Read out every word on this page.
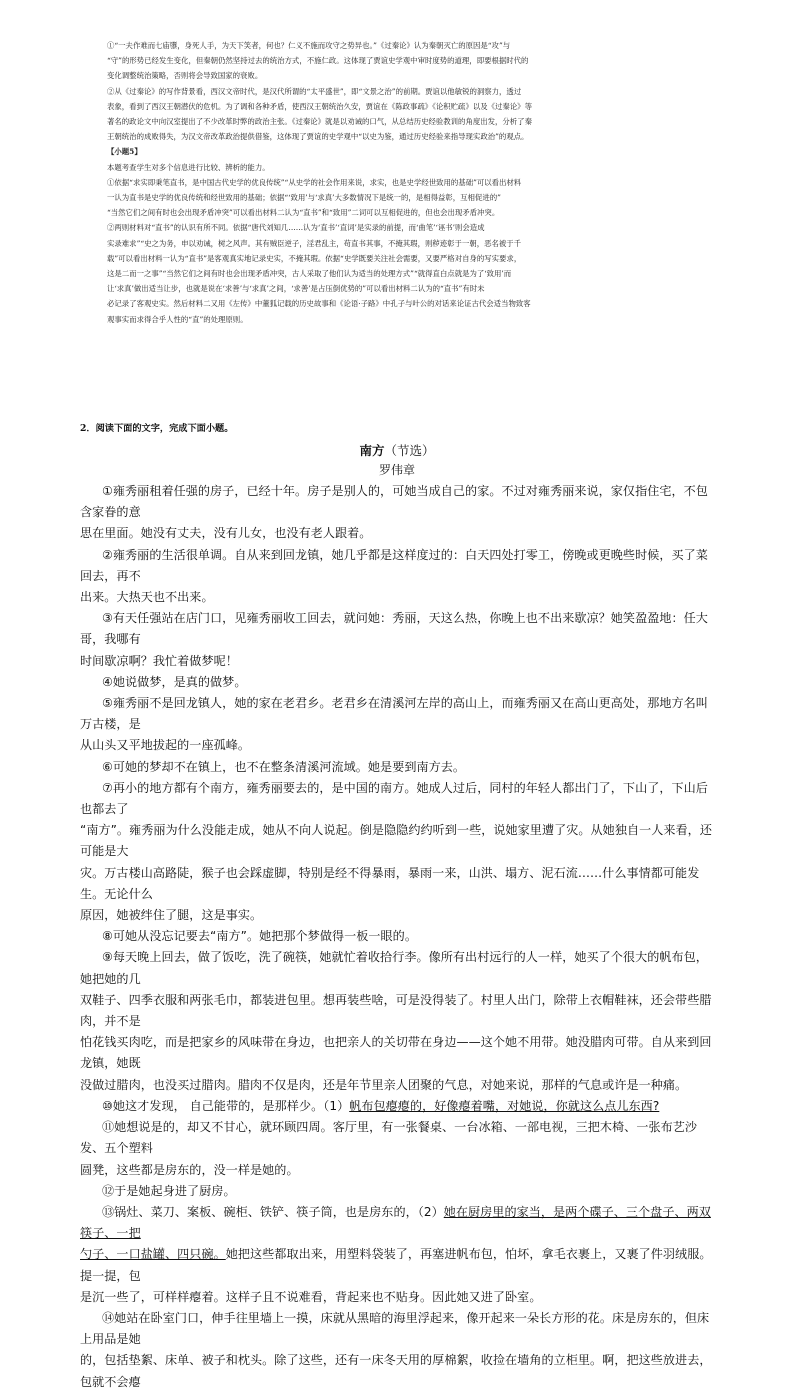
①“一夫作难而七庙隳，身死人手，为天下笑者，何也？仁义不施而攻守之势异也。”《过秦论》认为秦朝灭亡的原因是“攻”与

“守”的形势已经发生变化，但秦朝仍然坚持过去的统治方式，不施仁政。这体现了贾谊史学观中审时度势的道理，即要根据时代的

变化调整统治策略，否则将会导致国家的衰败。

②从《过秦论》的写作背景看，西汉文帝时代，是汉代所谓的“太平盛世”，即“文景之治”的前期。贾谊以他敏锐的洞察力，透过

表象，看到了西汉王朝潜伏的危机。为了调和各种矛盾，使西汉王朝统治久安，贾谊在《陈政事疏》《论积贮疏》以及《过秦论》等

著名的政论文中向汉室提出了不少改革时弊的政治主张。《过秦论》就是以劝诫的口气，从总结历史经验教训的角度出发，分析了秦

王朝统治的成败得失，为汉文帝改革政治提供借鉴，这体现了贾谊的史学观中“以史为鉴，通过历史经验来指导现实政治”的观点。

【小题5】

本题考查学生对多个信息进行比较、辨析的能力。

①依据“求实即秉笔直书，是中国古代史学的优良传统”“从史学的社会作用来说，求实，也是史学经世致用的基础”可以看出材料

一认为直书是史学的优良传统和经世致用的基础；依据“‘致用’与‘求真’大多数情况下是统一的，是相得益彰，互相促进的”

“当然它们之间有时也会出现矛盾冲突”可以看出材料二认为“直书”和“致用”二词可以互相促进的，但也会出现矛盾冲突。

②两则材料对“直书”的认识有所不同。依据“唐代刘知几……认为‘直书’‘直词’是实录的前提，而‘曲笔’‘诬书’则会造成

实录难求”“史之为务，申以劝诫，树之风声。其有贼臣逆子，淫君乱主，苟直书其事，不掩其瑕，则秽迹彰于一朝，恶名被于千

载”可以看出材料一认为“直书”是客观真实地记录史实，不掩其瑕。依据“史学既要关注社会需要，又要严格对自身的写实要求，

这是二而一之事”“当然它们之间有时也会出现矛盾冲突，古人采取了他们认为适当的处理方式”“就得直白点就是为了‘致用’而

让‘求真’做出适当让步，也就是说在‘求善’与‘求真’之间，‘求善’是占压倒优势的”可以看出材料二认为的“直书”有时未

必记录了客观史实。然后材料二又用《左传》中董狐记载的历史故事和《论语·子路》中孔子与叶公的对话来论证古代会适当物致客

观事实而求得合乎人性的“直”的处理原则。

2．阅读下面的文字，完成下面小题。
南方（节选）
罗伟章

①雍秀丽租着任强的房子，已经十年。房子是别人的，可她当成自己的家。不过对雍秀丽来说，家仅指住宅，不包含家眷的意

思在里面。她没有丈夫，没有儿女，也没有老人跟着。

②雍秀丽的生活很单调。自从来到回龙镇，她几乎都是这样度过的：白天四处打零工，傍晚或更晚些时候，买了菜回去，再不

出来。大热天也不出来。

③有天任强站在店门口，见雍秀丽收工回去，就问她：秀丽，天这么热，你晚上也不出来歇凉？她笑盈盈地：任大哥，我哪有

时间歇凉啊？我忙着做梦呢！

④她说做梦，是真的做梦。

⑤雍秀丽不是回龙镇人，她的家在老君乡。老君乡在清溪河左岸的高山上，而雍秀丽又在高山更高处，那地方名叫万古楼，是

从山头又平地拔起的一座孤峰。

⑥可她的梦却不在镇上，也不在整条清溪河流域。她是要到南方去。

⑦再小的地方都有个南方，雍秀丽要去的，是中国的南方。她成人过后，同村的年轻人都出门了，下山了，下山后也都去了

“南方”。雍秀丽为什么没能走成，她从不向人说起。倒是隐隐约约听到一些，说她家里遭了灾。从她独自一人来看，还可能是大

灾。万古楼山高路陡，猴子也会踩虚脚，特别是经不得暴雨，暴雨一来，山洪、塌方、泥石流……什么事情都可能发生。无论什么

原因，她被绊住了腿，这是事实。

⑧可她从没忘记要去“南方”。她把那个梦做得一板一眼的。

⑨每天晚上回去，做了饭吃，洗了碗筷，她就忙着收拾行李。像所有出村远行的人一样，她买了个很大的帆布包，她把她的几

双鞋子、四季衣服和两张毛巾，都装进包里。想再装些啥，可是没得装了。村里人出门，除带上衣帽鞋袜，还会带些腊肉，并不是

怕花钱买肉吃，而是把家乡的风味带在身边，也把亲人的关切带在身边——这个她不用带。她没腊肉可带。自从来到回龙镇，她既

没做过腊肉，也没买过腊肉。腊肉不仅是肉，还是年节里亲人团聚的气息，对她来说，那样的气息或许是一种痛。

⑩她这才发现， 自己能带的，是那样少。（1）帆布包瘪瘪的，好像瘪着嘴，对她说，你就这么点儿东西?

⑪她想说是的，却又不甘心，就环顾四周。客厅里，有一张餐桌、一台冰箱、一部电视，三把木椅、一张布艺沙发、五个塑料

圆凳，这些都是房东的，没一样是她的。

⑫于是她起身进了厨房。

⑬锅灶、菜刀、案板、碗柜、铁铲、筷子筒，也是房东的，（2）她在厨房里的家当，是两个碟子、三个盘子、两双筷子、一把

勺子、一口盐罐、四只碗。她把这些都取出来，用塑料袋装了，再塞进帆布包，怕坏，拿毛衣裹上，又裹了件羽绒服。提一提，包

是沉一些了，可样样瘪着。这样子且不说难看，背起来也不贴身。因此她又进了卧室。

⑭她站在卧室门口，伸手往里墙上一摸，床就从黑暗的海里浮起来，像开起来一朵长方形的花。床是房东的，但床上用品是她

的，包括垫絮、床单、被子和枕头。除了这些，还有一床冬天用的厚棉絮，收捡在墙角的立柜里。啊，把这些放进去，包就不会瘪
